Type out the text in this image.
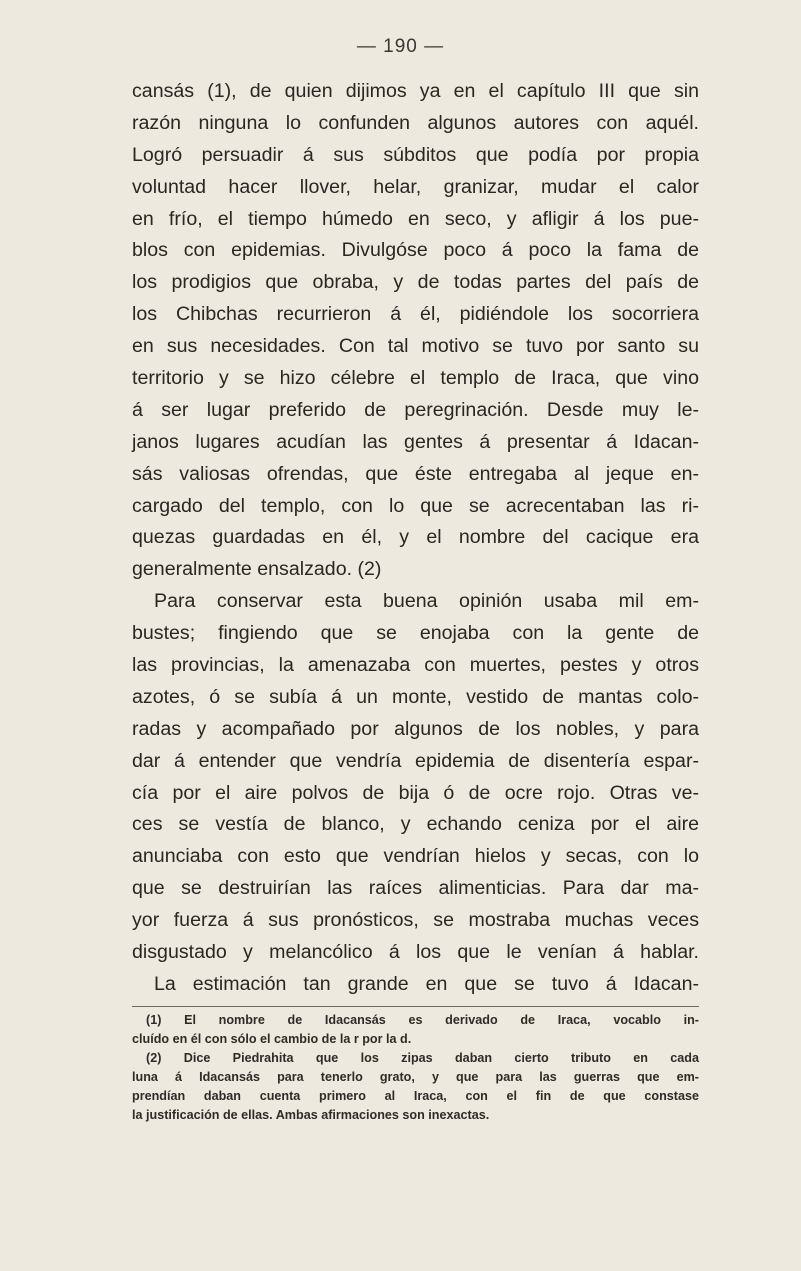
— 190 —
cansás (1), de quien dijimos ya en el capítulo III que sin
razón ninguna lo confunden algunos autores con aquél.
Logró persuadir á sus súbditos que podía por propia
voluntad hacer llover, helar, granizar, mudar el calor
en frío, el tiempo húmedo en seco, y afligir á los pue-
blos con epidemias. Divulgóse poco á poco la fama de
los prodigios que obraba, y de todas partes del país de
los Chibchas recurrieron á él, pidiéndole los socorriera
en sus necesidades. Con tal motivo se tuvo por santo su
territorio y se hizo célebre el templo de Iraca, que vino
á ser lugar preferido de peregrinación. Desde muy le-
janos lugares acudían las gentes á presentar á Idacan-
sás valiosas ofrendas, que éste entregaba al jeque en-
cargado del templo, con lo que se acrecentaban las ri-
quezas guardadas en él, y el nombre del cacique era
generalmente ensalzado. (2)
Para conservar esta buena opinión usaba mil em-
bustes; fingiendo que se enojaba con la gente de
las provincias, la amenazaba con muertes, pestes y otros
azotes, ó se subía á un monte, vestido de mantas colo-
radas y acompañado por algunos de los nobles, y para
dar á entender que vendría epidemia de disentería espar-
cía por el aire polvos de bija ó de ocre rojo. Otras ve-
ces se vestía de blanco, y echando ceniza por el aire
anunciaba con esto que vendrían hielos y secas, con lo
que se destruirían las raíces alimenticias. Para dar ma-
yor fuerza á sus pronósticos, se mostraba muchas veces
disgustado y melancólico á los que le venían á hablar.
La estimación tan grande en que se tuvo á Idacan-
(1) El nombre de Idacansás es derivado de Iraca, vocablo in-
cluído en él con sólo el cambio de la r por la d.
(2) Dice Piedrahita que los zipas daban cierto tributo en cada
luna á Idacansás para tenerlo grato, y que para las guerras que em-
prendían daban cuenta primero al Iraca, con el fin de que constase
la justificación de ellas. Ambas afirmaciones son inexactas.
